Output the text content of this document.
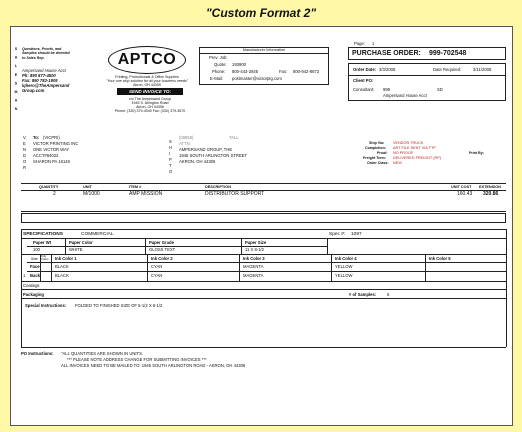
"Custom Format 2"
S A L E S M A N Questions, Proofs, and Samples should be directed to Sales Rep.
Ampersand House Acct
Ph: 890 877-4500
Fax: 890 782-1905
lqhero@TheAmpersandGroup.com
APTCO
Printing, Promotionals & Office Supplies
"Your one stop solution for all your business needs"
Akron, OH 44309
SEND INVOICE TO:
c/o The Ampersand Group
1945 S. Arlington Road
Akron, OH 44306
Phone: (330) 379-4040 Fax: (330) 379-3670
Manufacturer Information
Prev. Job:
Quote: 193900
Phone: 800-443-2845	Fax: 800-942-8673
E-Mail: postmaster@victorptg.com
Page: 1
PURCHASE ORDER: 999-702548
Order Date: 3/3/2008	Date Required:	3/11/2008
Client PO:
Consultant: 999	SD
Ampersand House Acct
V
E
N
D
O
R
To: (VICPRI)
VICTOR PRINTING INC
ONE VICTOR WAY
ACCT#84022
SHARON PA 16146
S
H
I
P
T
O
(06850)	TALL
ATTN:
AMPERSAND GROUP, THE
1945 SOUTH ARLINGTON STREET
AKRON, OH 44306
Ship Via: VENDOR TRUCK
Completion: ART FILE SENT VIA FTP
Proof: NO PROOF	Print By:
Freight Term: DELIVERED FREIGHT (RP)
Order Class: NEW
QUANTITY	UNIT	ITEM #	DESCRIPTION	UNIT COST EXTENSION
2	M/1000	AMP MISSION	DISTRIBUTOR SUPPORT	160.43 320.86
SPECIFICATIONS	COMMERCIAL	Spec #: 1097
Paper Wt	Paper Color	Paper Grade	Paper Size
100	WHITE	GLOSS TEXT	11 X 8-1/2
Side
Only Colors	Ink Color 1	Ink Color 2	Ink Color 3	Ink Color 4	Ink Color 5
Face	BLACK	CYAN	MAGENTA	YELLOW
1 Back	BLACK	CYAN	MAGENTA	YELLOW
Coatings
Packaging	# of Samples:	5
Special Instructions: FOLDED TO FINISHED SIZE OF 5-1/2 X 8-1/2
PO Instructions: "ALL QUANTITIES ARE SHOWN IN UNITS.
*** PLEASE NOTE ADDRESS CHANGE FOR SUBMITTING INVOICES ***
ALL INVOICES NEED TO BE MAILED TO: 1945 SOUTH ARLINGTON ROAD - AKRON, OH 44306
